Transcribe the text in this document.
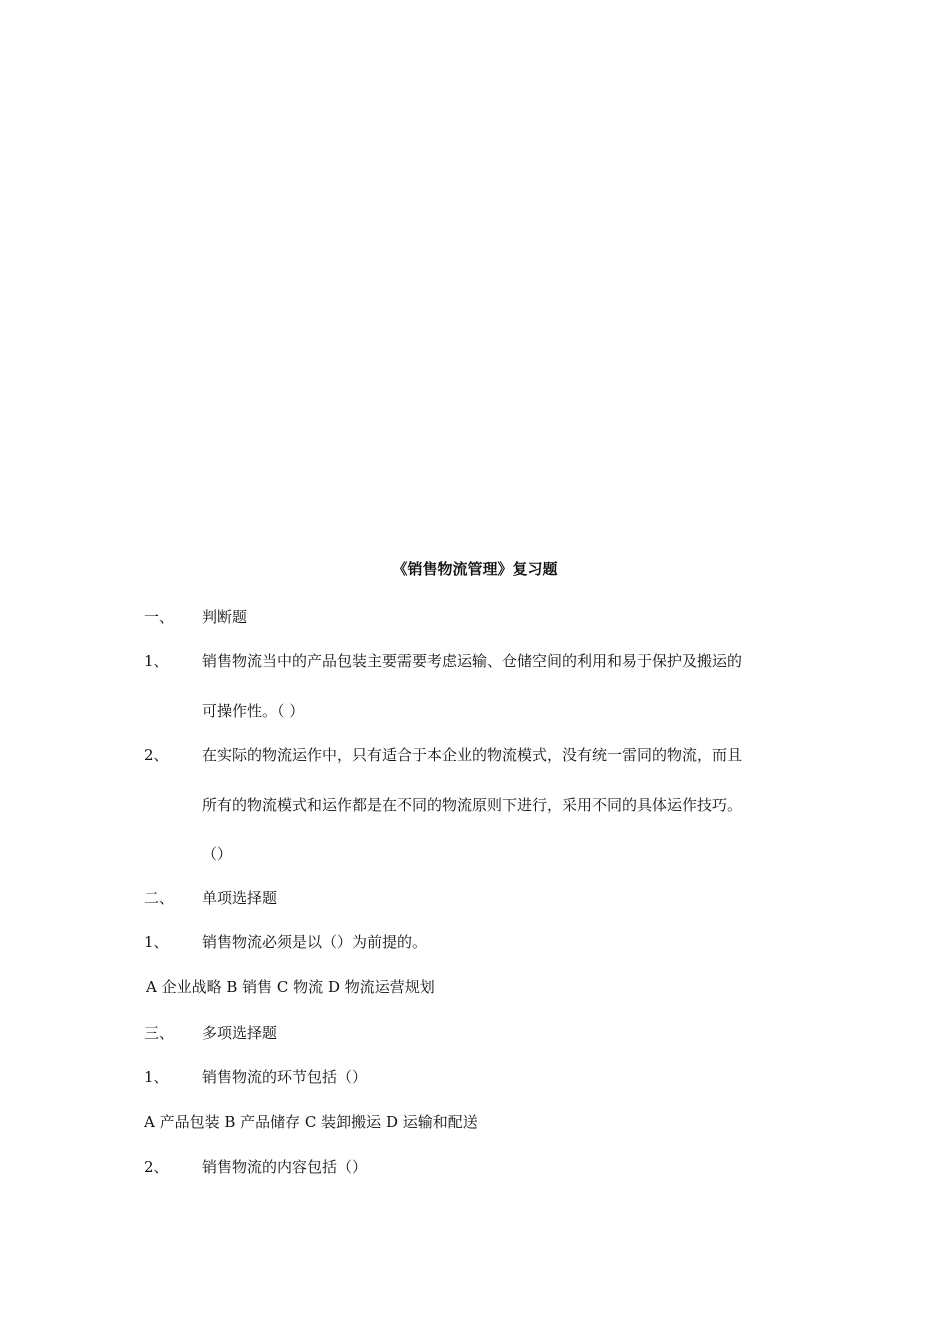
《销售物流管理》复习题
一、 判断题
1、 销售物流当中的产品包装主要需要考虑运输、仓储空间的利用和易于保护及搬运的
可操作性。（ ）
2、 在实际的物流运作中，只有适合于本企业的物流模式，没有统一雷同的物流，而且
所有的物流模式和运作都是在不同的物流原则下进行，采用不同的具体运作技巧。
（）
二、 单项选择题
1、 销售物流必须是以（）为前提的。
A 企业战略 B 销售 C 物流 D 物流运营规划
三、 多项选择题
1、 销售物流的环节包括（）
A 产品包装 B 产品储存 C 装卸搬运 D 运输和配送
2、 销售物流的内容包括（）
